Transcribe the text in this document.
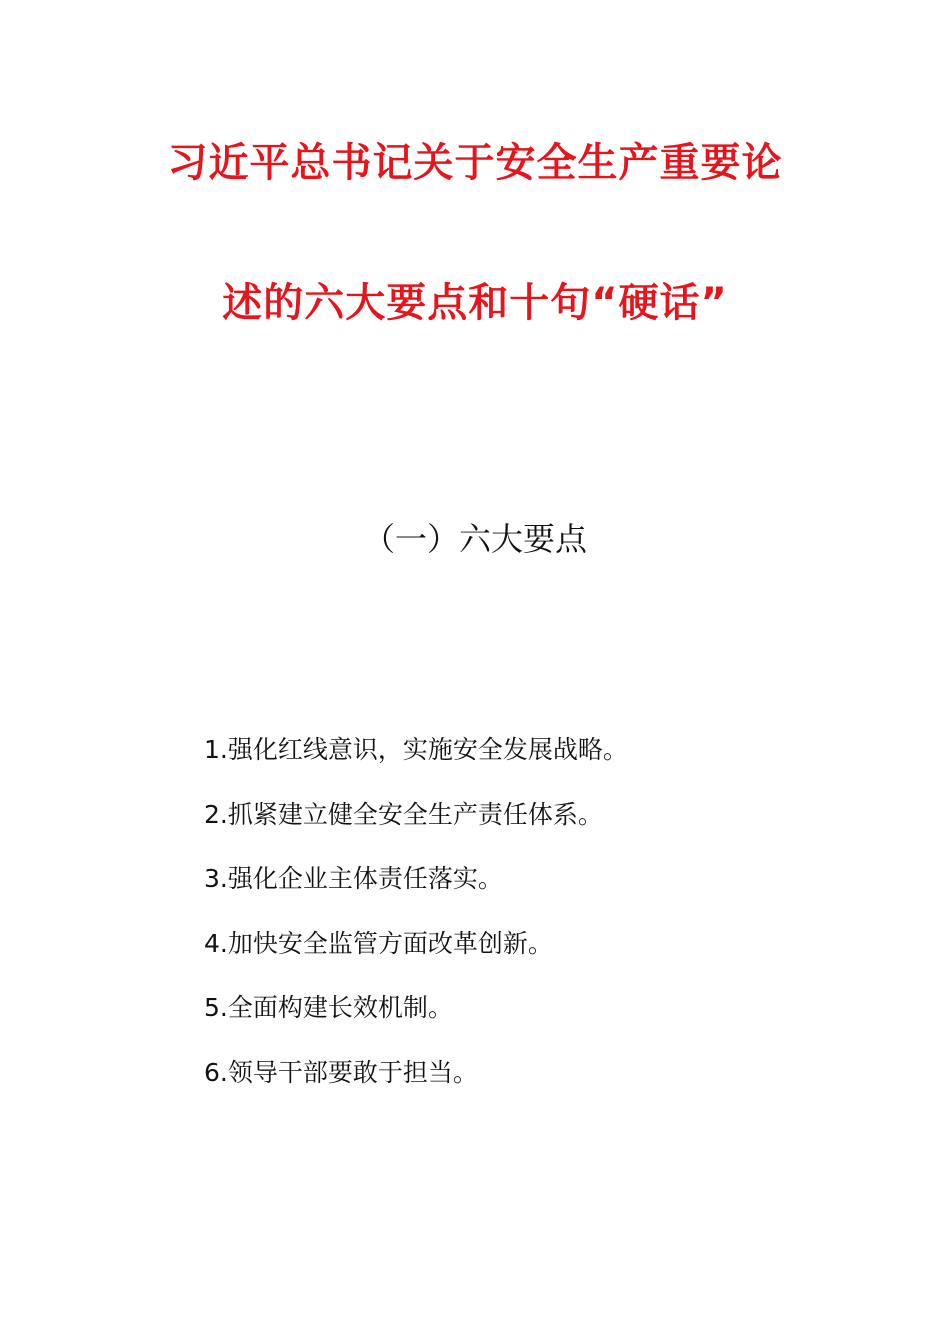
习近平总书记关于安全生产重要论
述的六大要点和十句“硬话”
（一）六大要点
1.强化红线意识，实施安全发展战略。
2.抓紧建立健全安全生产责任体系。
3.强化企业主体责任落实。
4.加快安全监管方面改革创新。
5.全面构建长效机制。
6.领导干部要敢于担当。
